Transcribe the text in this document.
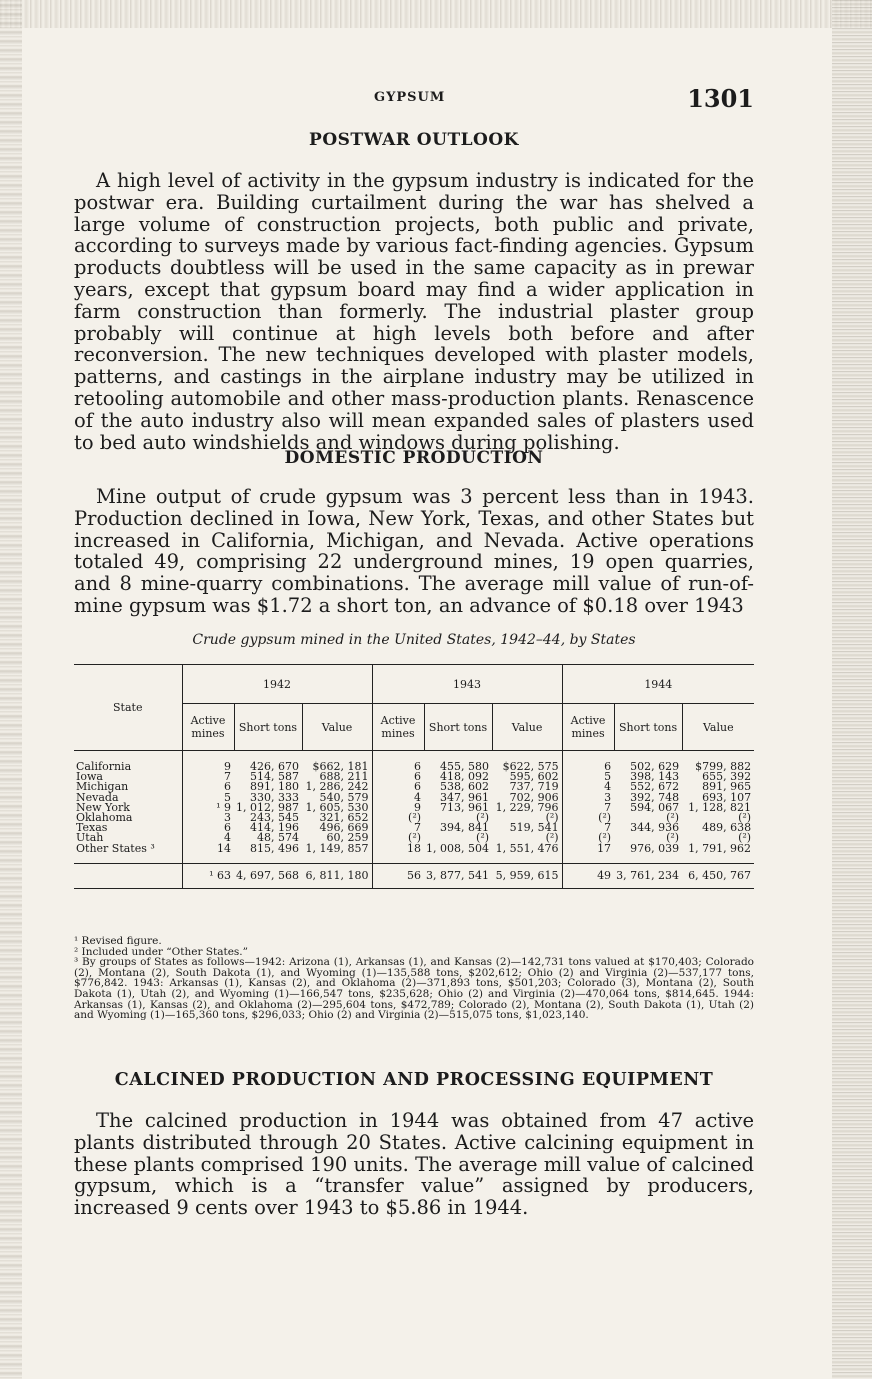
GYPSUM	1301
POSTWAR OUTLOOK

A high level of activity in the gypsum industry is indicated for the postwar era. Building curtailment during the war has shelved a large volume of construction projects, both public and private, according to surveys made by various fact-finding agencies. Gypsum products doubtless will be used in the same capacity as in prewar years, except that gypsum board may find a wider application in farm construction than formerly. The industrial plaster group probably will continue at high levels both before and after reconversion. The new techniques developed with plaster models, patterns, and castings in the airplane industry may be utilized in retooling automobile and other mass-production plants. Renascence of the auto industry also will mean expanded sales of plasters used to bed auto windshields and windows during polishing.

DOMESTIC PRODUCTION

Mine output of crude gypsum was 3 percent less than in 1943. Production declined in Iowa, New York, Texas, and other States but increased in California, Michigan, and Nevada. Active operations totaled 49, comprising 22 underground mines, 19 open quarries, and 8 mine-quarry combinations. The average mill value of run-of-mine gypsum was $1.72 a short ton, an advance of $0.18 over 1943

Crude gypsum mined in the United States, 1942–44, by States
State	1942			1943			1944		
	Active mines	Short tons	Value	Active mines	Short tons	Value	Active mines	Short tons	Value
California	9	426, 670	$662, 181	6	455, 580	$622, 575	6	502, 629	$799, 882
Iowa	7	514, 587	688, 211	6	418, 092	595, 602	5	398, 143	655, 392
Michigan	6	891, 180	1, 286, 242	6	538, 602	737, 719	4	552, 672	891, 965
Nevada	5	330, 333	540, 579	4	347, 961	702, 906	3	392, 748	693, 107
New York	¹ 9	1, 012, 987	1, 605, 530	9	713, 961	1, 229, 796	7	594, 067	1, 128, 821
Oklahoma	3	243, 545	321, 652	(²)	(²)	(²)	(²)	(²)	(²)
Texas	6	414, 196	496, 669	7	394, 841	519, 541	7	344, 936	489, 638
Utah	4	48, 574	60, 259	(²)	(²)	(²)	(²)	(²)	(²)
Other States ³	14	815, 496	1, 149, 857	18	1, 008, 504	1, 551, 476	17	976, 039	1, 791, 962
	¹ 63	4, 697, 568	6, 811, 180	56	3, 877, 541	5, 959, 615	49	3, 761, 234	6, 450, 767

¹ Revised figure.

² Included under “Other States.”

³ By groups of States as follows—1942: Arizona (1), Arkansas (1), and Kansas (2)—142,731 tons valued at $170,403; Colorado (2), Montana (2), South Dakota (1), and Wyoming (1)—135,588 tons, $202,612; Ohio (2) and Virginia (2)—537,177 tons, $776,842. 1943: Arkansas (1), Kansas (2), and Oklahoma (2)—371,893 tons, $501,203; Colorado (3), Montana (2), South Dakota (1), Utah (2), and Wyoming (1)—166,547 tons, $235,628; Ohio (2) and Virginia (2)—470,064 tons, $814,645. 1944: Arkansas (1), Kansas (2), and Oklahoma (2)—295,604 tons, $472,789; Colorado (2), Montana (2), South Dakota (1), Utah (2) and Wyoming (1)—165,360 tons, $296,033; Ohio (2) and Virginia (2)—515,075 tons, $1,023,140.

CALCINED PRODUCTION AND PROCESSING EQUIPMENT

The calcined production in 1944 was obtained from 47 active plants distributed through 20 States. Active calcining equipment in these plants comprised 190 units. The average mill value of calcined gypsum, which is a “transfer value” assigned by producers, increased 9 cents over 1943 to $5.86 in 1944.
